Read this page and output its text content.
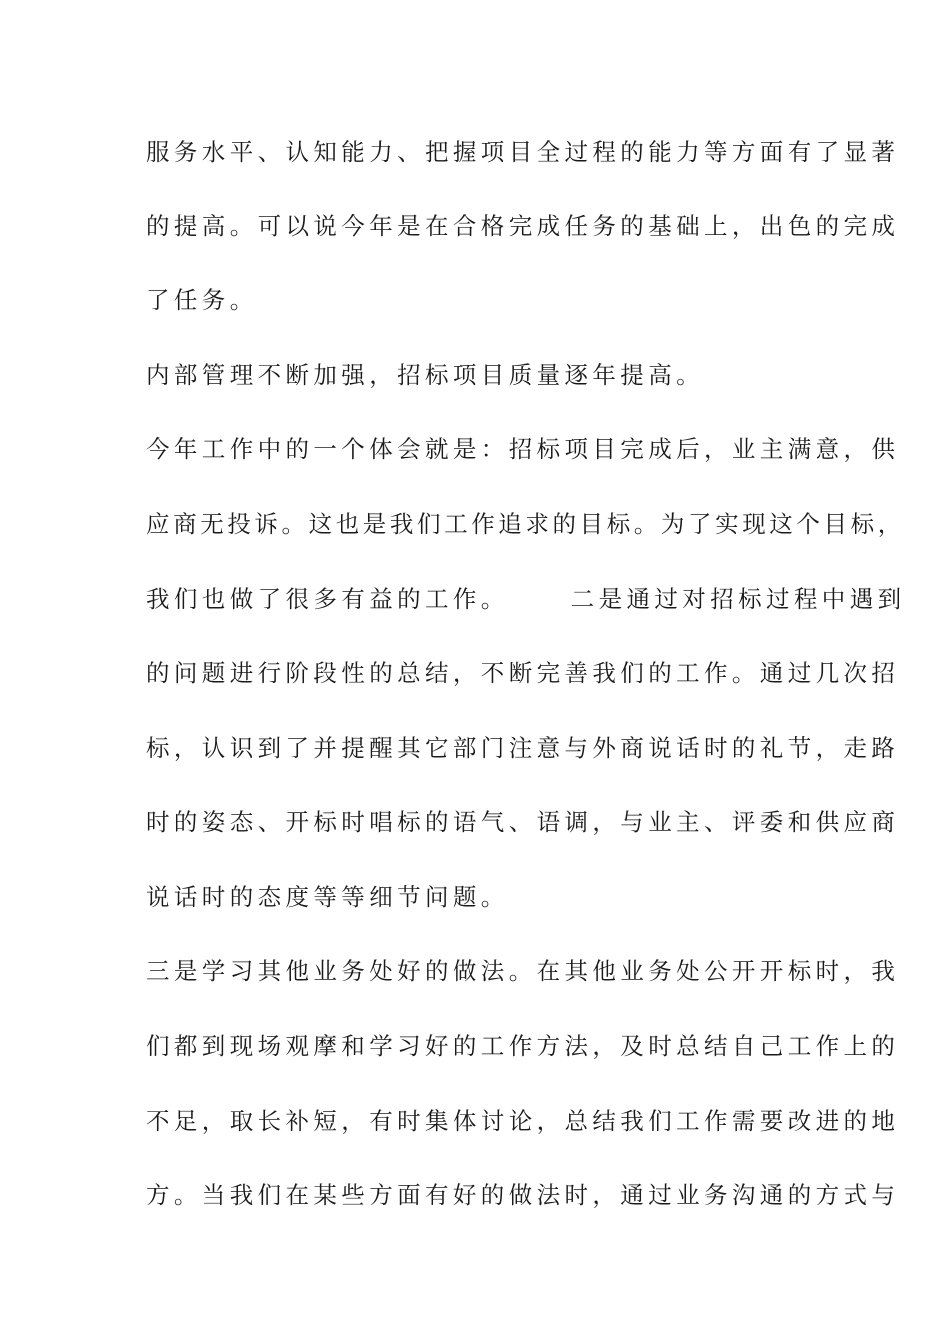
服务水平、认知能力、把握项目全过程的能力等方面有了显著
的提高。可以说今年是在合格完成任务的基础上，出色的完成
了任务。
内部管理不断加强，招标项目质量逐年提高。
今年工作中的一个体会就是：招标项目完成后，业主满意，供
应商无投诉。这也是我们工作追求的目标。为了实现这个目标，
我们也做了很多有益的工作。	二是通过对招标过程中遇到
的问题进行阶段性的总结，不断完善我们的工作。通过几次招
标，认识到了并提醒其它部门注意与外商说话时的礼节，走路
时的姿态、开标时唱标的语气、语调，与业主、评委和供应商
说话时的态度等等细节问题。
三是学习其他业务处好的做法。在其他业务处公开开标时，我
们都到现场观摩和学习好的工作方法，及时总结自己工作上的
不足，取长补短，有时集体讨论，总结我们工作需要改进的地
方。当我们在某些方面有好的做法时，通过业务沟通的方式与
